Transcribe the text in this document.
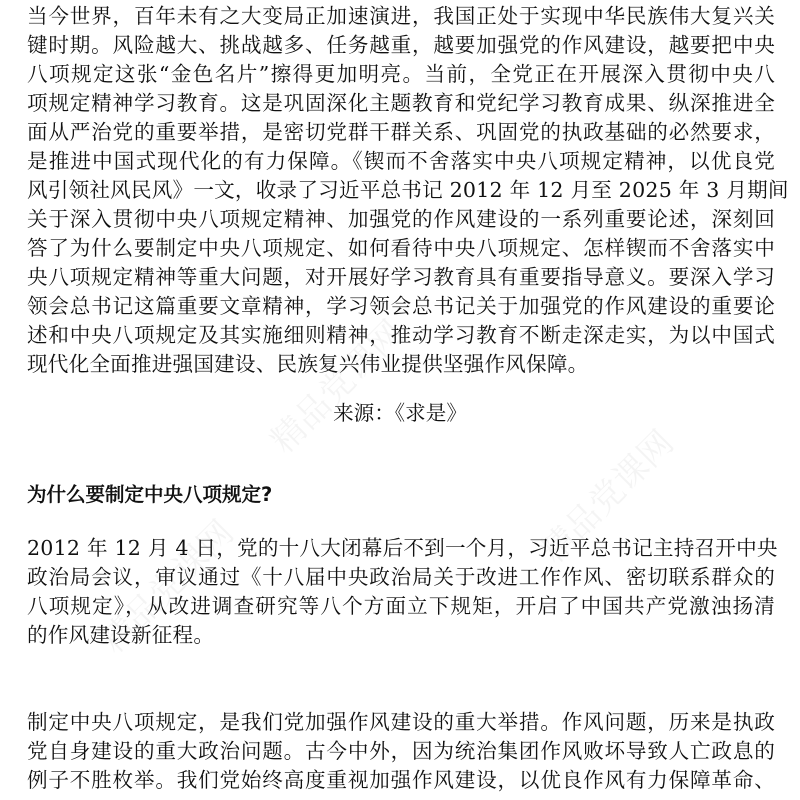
当今世界，百年未有之大变局正加速演进，我国正处于实现中华民族伟大复兴关
键时期。风险越大、挑战越多、任务越重，越要加强党的作风建设，越要把中央
八项规定这张“金色名片”擦得更加明亮。当前，全党正在开展深入贯彻中央八
项规定精神学习教育。这是巩固深化主题教育和党纪学习教育成果、纵深推进全
面从严治党的重要举措，是密切党群干群关系、巩固党的执政基础的必然要求，
是推进中国式现代化的有力保障。《锲而不舍落实中央八项规定精神，以优良党
风引领社风民风》一文，收录了习近平总书记 2012 年 12 月至 2025 年 3 月期间
关于深入贯彻中央八项规定精神、加强党的作风建设的一系列重要论述，深刻回
答了为什么要制定中央八项规定、如何看待中央八项规定、怎样锲而不舍落实中
央八项规定精神等重大问题，对开展好学习教育具有重要指导意义。要深入学习
领会总书记这篇重要文章精神，学习领会总书记关于加强党的作风建设的重要论
述和中央八项规定及其实施细则精神，推动学习教育不断走深走实，为以中国式
现代化全面推进强国建设、民族复兴伟业提供坚强作风保障。
来源：《求是》
为什么要制定中央八项规定?
2012 年 12 月 4 日，党的十八大闭幕后不到一个月，习近平总书记主持召开中央
政治局会议，审议通过《十八届中央政治局关于改进工作作风、密切联系群众的
八项规定》，从改进调查研究等八个方面立下规矩，开启了中国共产党激浊扬清
的作风建设新征程。
制定中央八项规定，是我们党加强作风建设的重大举措。作风问题，历来是执政
党自身建设的重大政治问题。古今中外，因为统治集团作风败坏导致人亡政息的
例子不胜枚举。我们党始终高度重视加强作风建设，以优良作风有力保障革命、
